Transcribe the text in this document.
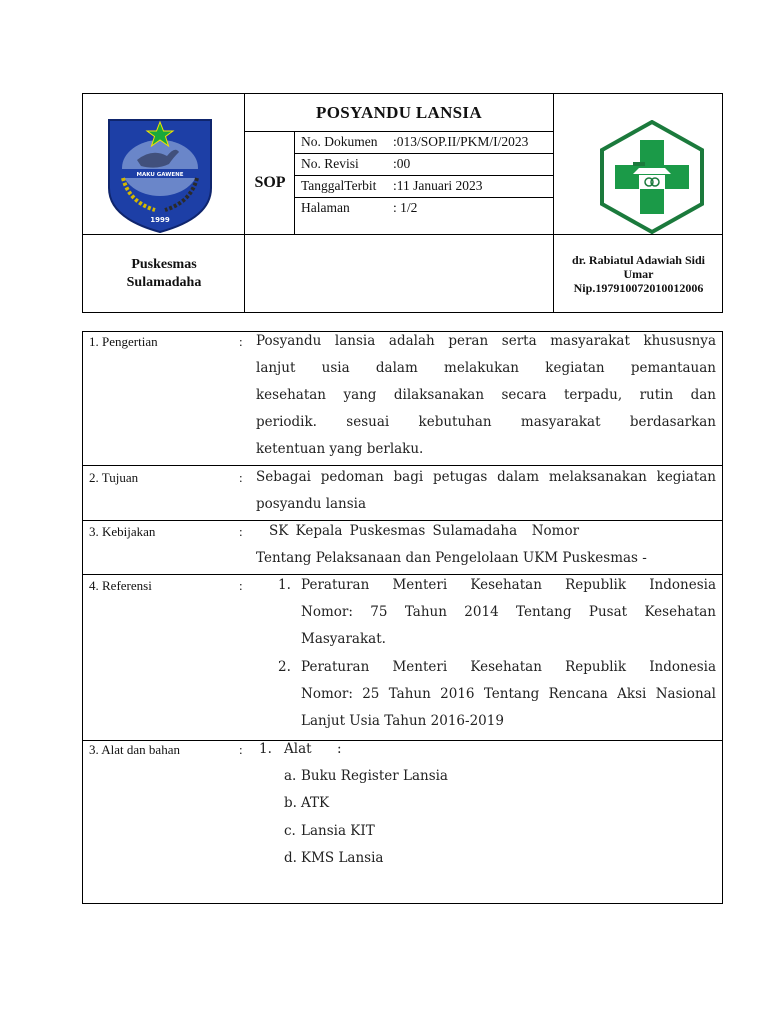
MAKU GAWENE
1999
POSYANDU LANSIA
SOP
No. Dokumen :013/SOP.II/PKM/I/2023
No. Revisi	:00
TanggalTerbit :11 Januari 2023
Halaman	: 1/2
Puskesmas
Sulamadaha
dr. Rabiatul Adawiah Sidi
Umar
Nip.197910072010012006
1. Pengertian	: Posyandu lansia adalah peran serta masyarakat khususnya
lanjut usia dalam melakukan kegiatan pemantauan
kesehatan yang dilaksanakan secara terpadu, rutin dan
periodik. sesuai kebutuhan masyarakat berdasarkan
ketentuan yang berlaku.
2. Tujuan	: Sebagai pedoman bagi petugas dalam melaksanakan kegiatan
posyandu lansia
3. Kebijakan	: SK Kepala Puskesmas Sulamadaha  Nomor
Tentang Pelaksanaan dan Pengelolaan UKM Puskesmas -
4. Referensi	:	1. Peraturan Menteri Kesehatan Republik Indonesia
Nomor: 75 Tahun 2014 Tentang Pusat Kesehatan
Masyarakat.
2. Peraturan Menteri Kesehatan Republik Indonesia
Nomor: 25 Tahun 2016 Tentang Rencana Aksi Nasional
Lanjut Usia Tahun 2016-2019
3. Alat dan bahan	: 1. Alat :
a. Buku Register Lansia
b. ATK
c. Lansia KIT
d. KMS Lansia
